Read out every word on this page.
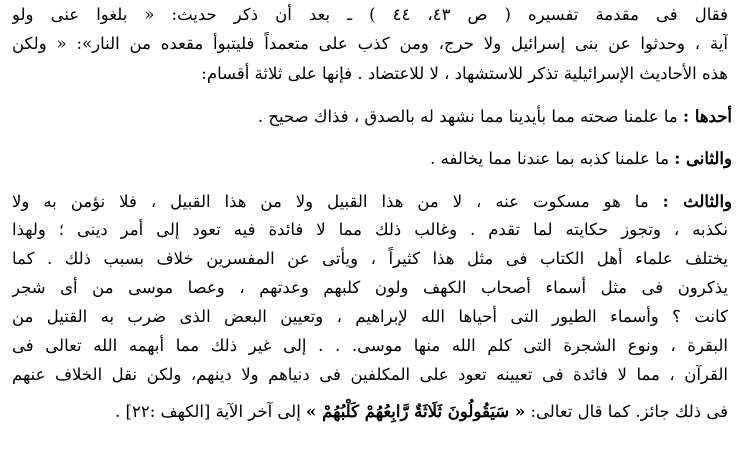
فقال فى مقدمة تفسيره ( ص ٤٣، ٤٤ ) ـ بعد أن ذكر حديث: « بلغوا عنى ولو
آية ، وحدثوا عن بنى إسرائيل ولا حرج، ومن كذب على متعمداً فليتبوأ مقعده من النار»: « ولكن
هذه الأحاديث الإسرائيلية تذكر للاستشهاد ، لا للاعتضاد . فإنها على ثلاثة أقسام:
أحدها : ما علمنا صحته مما بأيدينا مما نشهد له بالصدق ، فذاك صحيح .
والثانى : ما علمنا كذبه بما عندنا مما يخالفه .
والثالث : ما هو مسكوت عنه ، لا من هذا القبيل ولا من هذا القبيل ، فلا نؤمن به ولا
نكذبه ، وتجوز حكايته لما تقدم . وغالب ذلك مما لا فائدة فيه تعود إلى أمر دينى ؛ ولهذا
يختلف علماء أهل الكتاب فى مثل هذا كثيراً ، ويأتى عن المفسرين خلاف بسبب ذلك . كما
يذكرون فى مثل أسماء أصحاب الكهف ولون كلبهم وعدتهم ، وعصا موسى من أى شجر
كانت ؟ وأسماء الطيور التى أحياها الله لإبراهيم ، وتعيين البعض الذى ضرب به القتيل من
البقرة ، ونوع الشجرة التى كلم الله منها موسى. . . إلى غير ذلك مما أبهمه الله تعالى فى
القرآن ، مما لا فائدة فى تعيينه تعود على المكلفين فى دنياهم ولا دينهم، ولكن نقل الخلاف عنهم
فى ذلك جائز. كما قال تعالى: « سَيَقُولُونَ ثَلَاثَةٌ رَّابِعُهُمْ كَلْبُهُمْ » إلى آخر الآية [الكهف :٢٢] .
